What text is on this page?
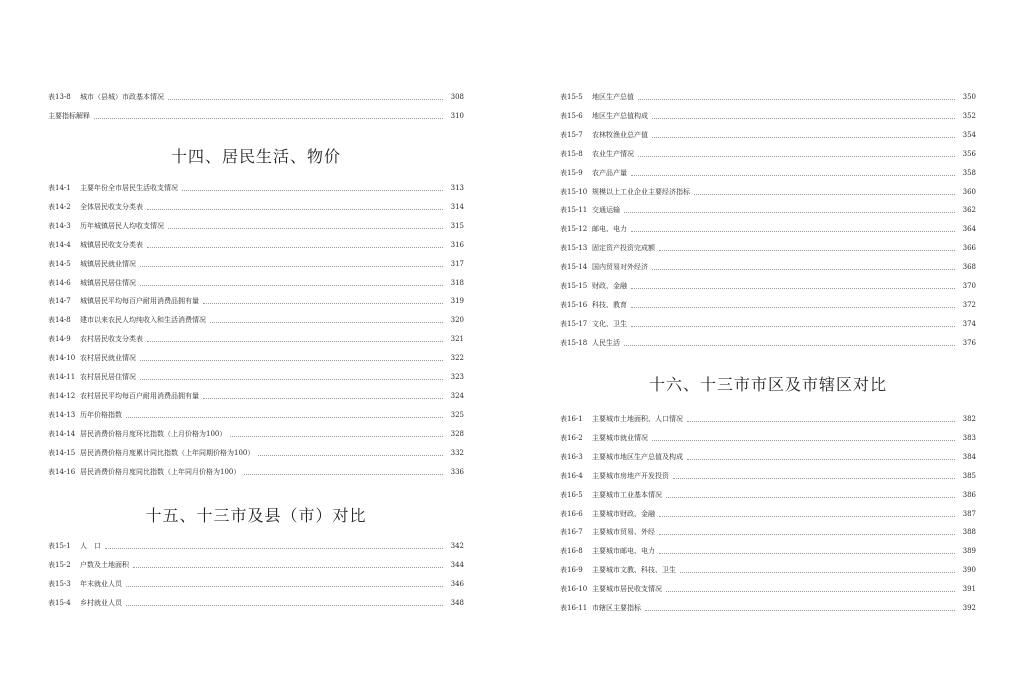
表13-8	城市（县城）市政基本情况	308
主要指标解释	310
十四、居民生活、物价
表14-1	主要年份全市居民生活收支情况	313
表14-2	全体居民收支分类表	314
表14-3	历年城镇居民人均收支情况	315
表14-4	城镇居民收支分类表	316
表14-5	城镇居民就业情况	317
表14-6	城镇居民居住情况	318
表14-7	城镇居民平均每百户耐用消费品拥有量	319
表14-8	建市以来农民人均纯收入和生活消费情况	320
表14-9	农村居民收支分类表	321
表14-10 农村居民就业情况	322
表14-11 农村居民居住情况	323
表14-12 农村居民平均每百户耐用消费品拥有量	324
表14-13 历年价格指数	325
表14-14 居民消费价格月度环比指数（上月价格为100）	328
表14-15 居民消费价格月度累计同比指数（上年同期价格为100）	332
表14-16 居民消费价格月度同比指数（上年同月价格为100）	336
十五、十三市及县（市）对比
表15-1	人　口	342
表15-2	户数及土地面积	344
表15-3	年末就业人员	346
表15-4	乡村就业人员	348
表15-5	地区生产总值	350
表15-6	地区生产总值构成	352
表15-7	农林牧渔业总产值	354
表15-8	农业生产情况	356
表15-9	农产品产量	358
表15-10 规模以上工业企业主要经济指标	360
表15-11 交通运输	362
表15-12 邮电、电力	364
表15-13 固定资产投资完成额	366
表15-14 国内贸易对外经济	368
表15-15 财政、金融	370
表15-16 科技、教育	372
表15-17 文化、卫生	374
表15-18 人民生活	376
十六、十三市市区及市辖区对比
表16-1	主要城市土地面积、人口情况	382
表16-2	主要城市就业情况	383
表16-3	主要城市地区生产总值及构成	384
表16-4	主要城市房地产开发投资	385
表16-5	主要城市工业基本情况	386
表16-6	主要城市财政、金融	387
表16-7	主要城市贸易、外经	388
表16-8	主要城市邮电、电力	389
表16-9	主要城市文教、科技、卫生	390
表16-10 主要城市居民收支情况	391
表16-11 市辖区主要指标	392
